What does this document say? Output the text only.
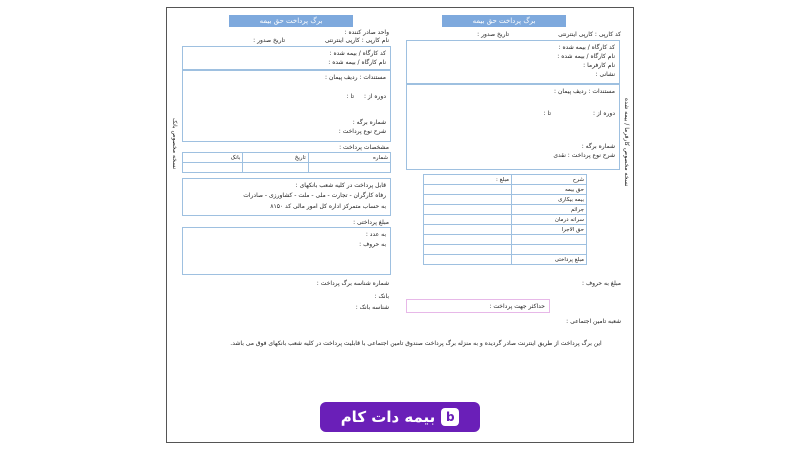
برگ پرداخت حق بیمه
کد کارپی : کارپی اینترنتی
تاریخ صدور :
کد کارگاه / بیمه شده :
نام کارگاه / بیمه شده :
نام کارفرما :
نشانی :
مستندات : ردیف پیمان :
دوره از :
تا :
شماره برگه :
شرح نوع پرداخت : نقدی نسخه مخصوص کارفرما / بیمه شده
شرح	مبلغ :
حق بیمه	
بیمه بیکاری	
جرائم	
سرانه درمان	
حق الاجرا	

مبلغ پرداختی	
مبلغ به حروف :
حداکثر جهت پرداخت :
شعبه تامین اجتماعی :
برگ پرداخت حق بیمه
واحد صادر کننده :
نام کارپی : کارپی اینترنتی
تاریخ صدور :
کد کارگاه / بیمه شده :
نام کارگاه / بیمه شده :
مستندات : ردیف پیمان :
دوره از :
تا :
شماره برگه :
شرح نوع پرداخت :
نسخه مخصوص بانک	مشخصات پرداخت :
شماره	تاریخ	بانک

قابل پرداخت در کلیه شعب بانکهای :
رفاه کارگران - تجارت - ملی - ملت - کشاورزی - صادرات
به حساب متمرکز اداره کل امور مالی کد ۸۱۵۰
مبلغ پرداختی :
به عدد :
به حروف :
شماره شناسه برگ پرداخت :
بانک :
شناسه بانک :
این برگ پرداخت از طریق اینترنت صادر گردیده و به منزله برگ پرداخت صندوق تامین اجتماعی با قابلیت پرداخت در کلیه شعب بانکهای فوق می باشد.
بیمه دات کام b
